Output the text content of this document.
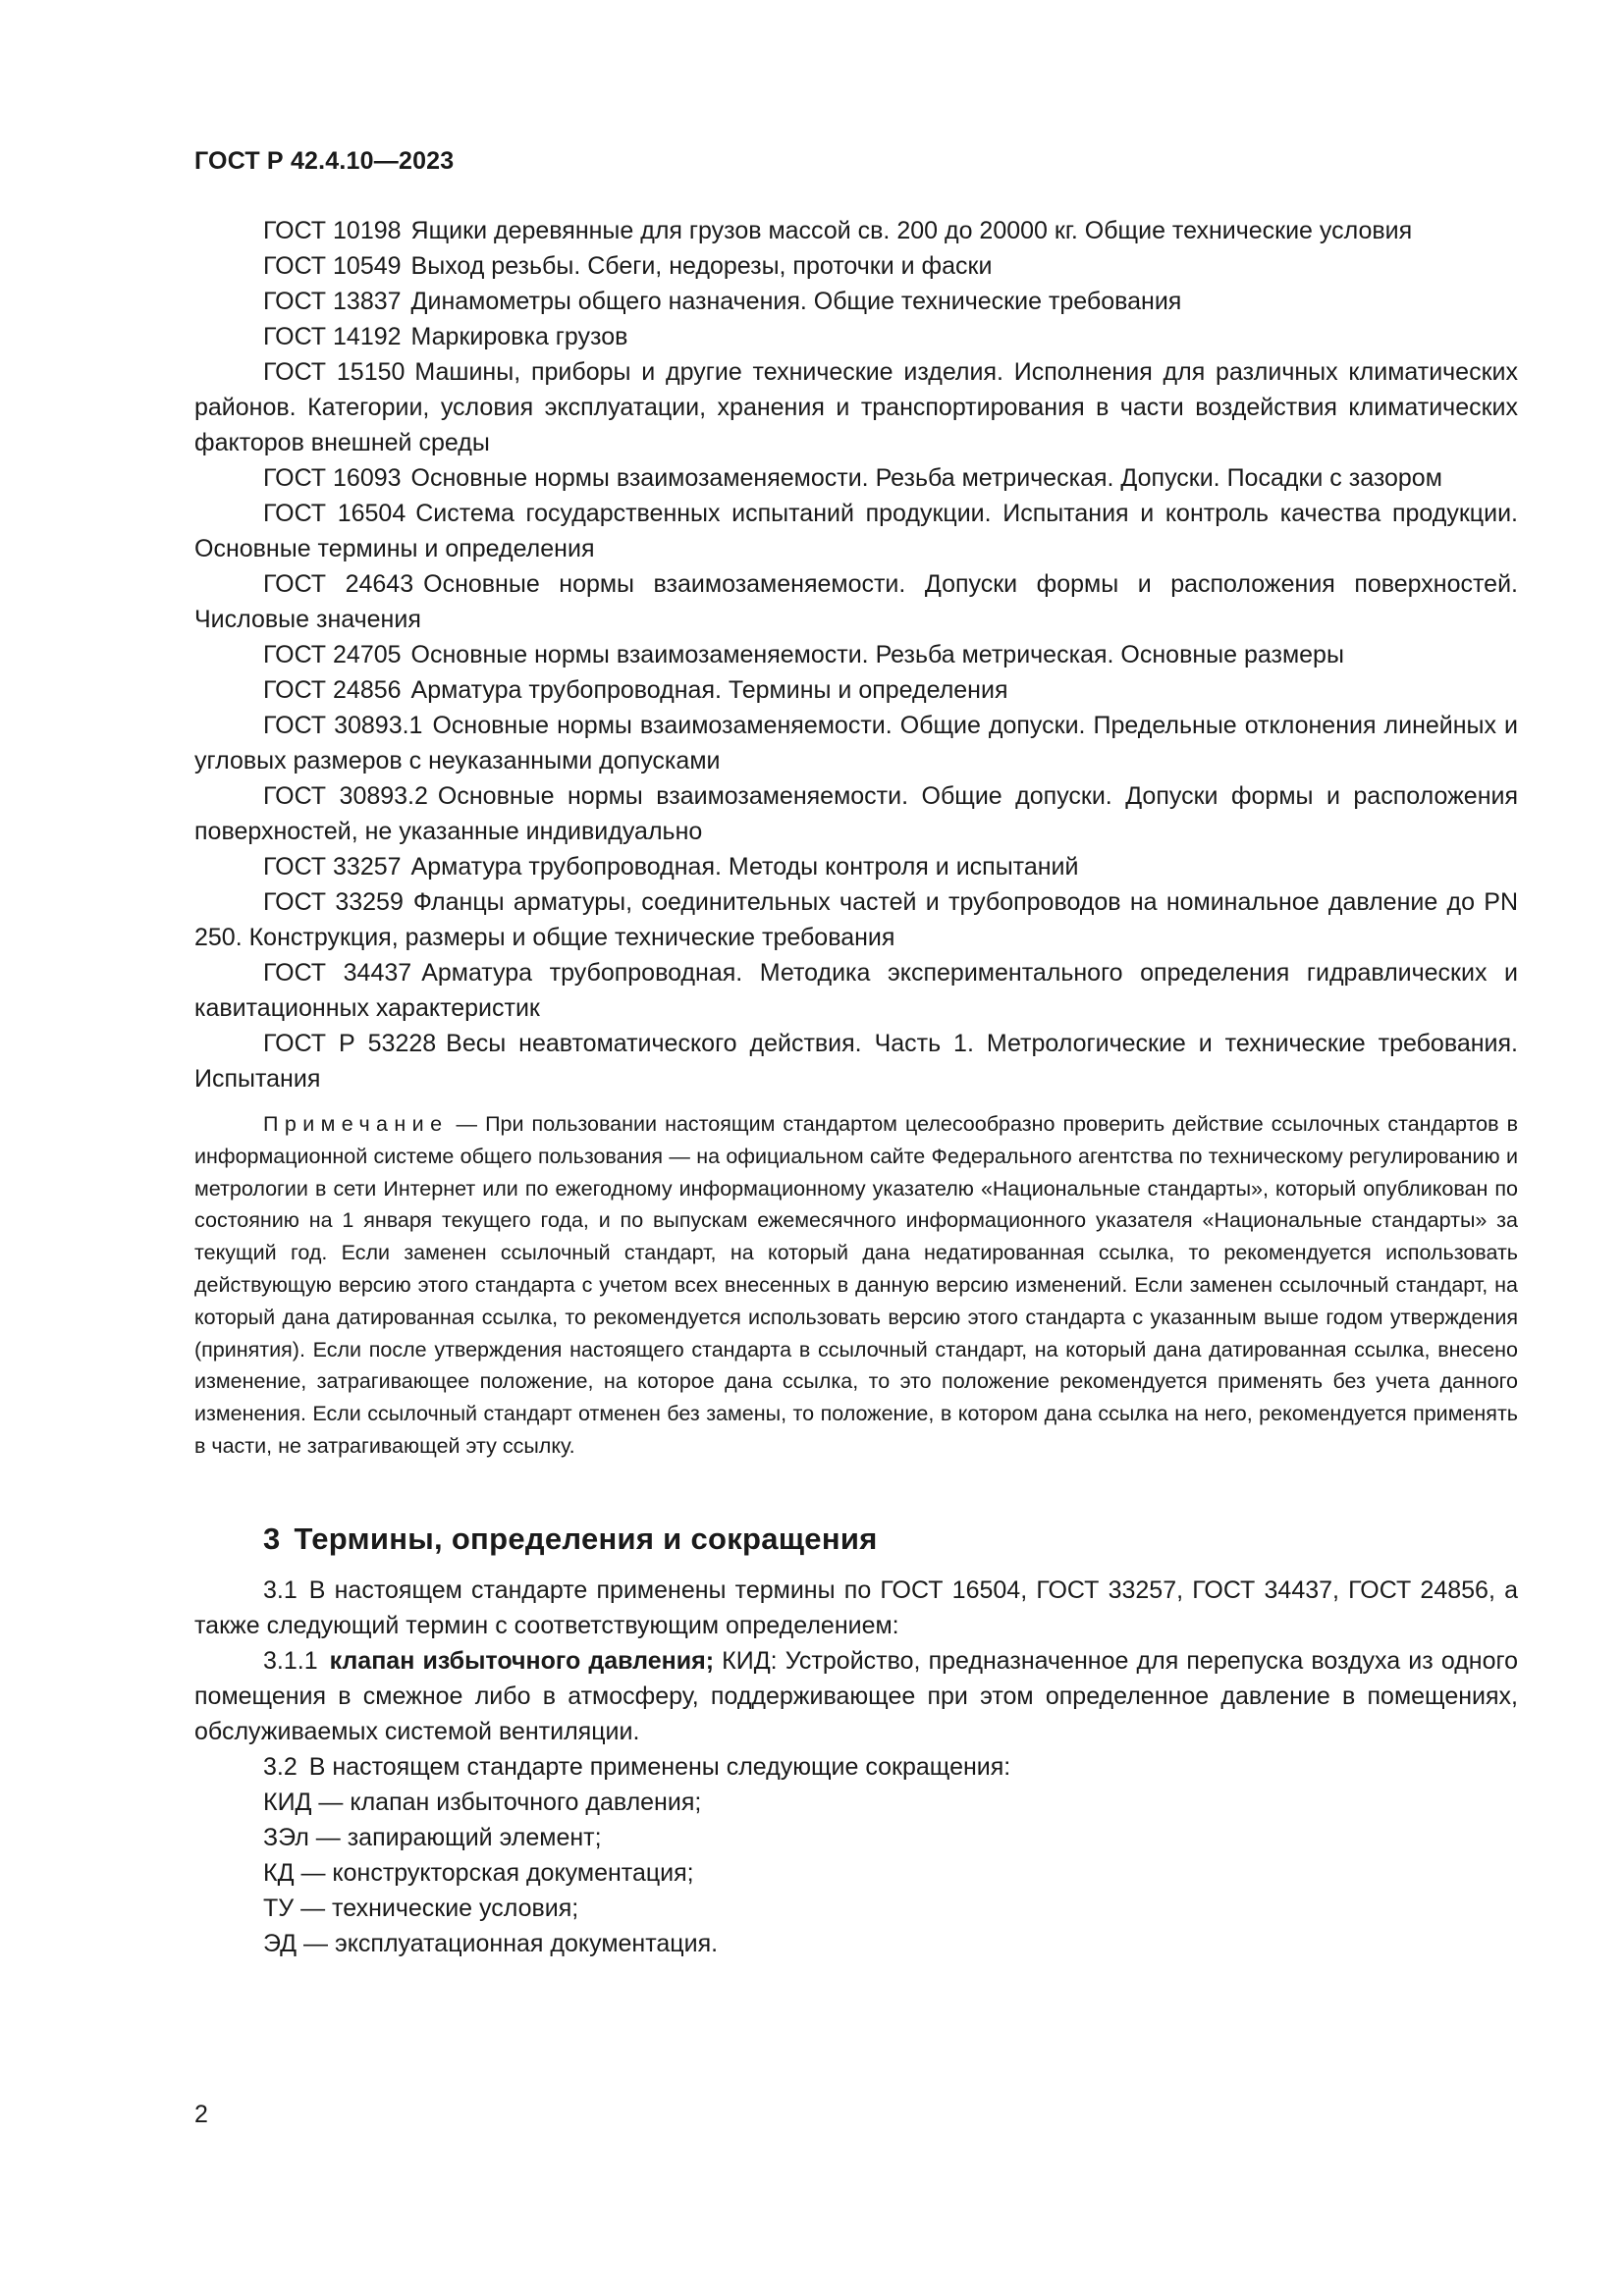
ГОСТ Р 42.4.10—2023

ГОСТ 10198 Ящики деревянные для грузов массой св. 200 до 20000 кг. Общие технические условия

ГОСТ 10549 Выход резьбы. Сбеги, недорезы, проточки и фаски

ГОСТ 13837 Динамометры общего назначения. Общие технические требования

ГОСТ 14192 Маркировка грузов

ГОСТ 15150 Машины, приборы и другие технические изделия. Исполнения для различных климатических районов. Категории, условия эксплуатации, хранения и транспортирования в части воздействия климатических факторов внешней среды

ГОСТ 16093 Основные нормы взаимозаменяемости. Резьба метрическая. Допуски. Посадки с зазором

ГОСТ 16504 Система государственных испытаний продукции. Испытания и контроль качества продукции. Основные термины и определения

ГОСТ 24643 Основные нормы взаимозаменяемости. Допуски формы и расположения поверхностей. Числовые значения

ГОСТ 24705 Основные нормы взаимозаменяемости. Резьба метрическая. Основные размеры

ГОСТ 24856 Арматура трубопроводная. Термины и определения

ГОСТ 30893.1 Основные нормы взаимозаменяемости. Общие допуски. Предельные отклонения линейных и угловых размеров с неуказанными допусками

ГОСТ 30893.2 Основные нормы взаимозаменяемости. Общие допуски. Допуски формы и расположения поверхностей, не указанные индивидуально

ГОСТ 33257 Арматура трубопроводная. Методы контроля и испытаний

ГОСТ 33259 Фланцы арматуры, соединительных частей и трубопроводов на номинальное давление до PN 250. Конструкция, размеры и общие технические требования

ГОСТ 34437 Арматура трубопроводная. Методика экспериментального определения гидравлических и кавитационных характеристик

ГОСТ Р 53228 Весы неавтоматического действия. Часть 1. Метрологические и технические требования. Испытания

Примечание — При пользовании настоящим стандартом целесообразно проверить действие ссылочных стандартов в информационной системе общего пользования — на официальном сайте Федерального агентства по техническому регулированию и метрологии в сети Интернет или по ежегодному информационному указателю «Национальные стандарты», который опубликован по состоянию на 1 января текущего года, и по выпускам ежемесячного информационного указателя «Национальные стандарты» за текущий год. Если заменен ссылочный стандарт, на который дана недатированная ссылка, то рекомендуется использовать действующую версию этого стандарта с учетом всех внесенных в данную версию изменений. Если заменен ссылочный стандарт, на который дана датированная ссылка, то рекомендуется использовать версию этого стандарта с указанным выше годом утверждения (принятия). Если после утверждения настоящего стандарта в ссылочный стандарт, на который дана датированная ссылка, внесено изменение, затрагивающее положение, на которое дана ссылка, то это положение рекомендуется применять без учета данного изменения. Если ссылочный стандарт отменен без замены, то положение, в котором дана ссылка на него, рекомендуется применять в части, не затрагивающей эту ссылку.

3 Термины, определения и сокращения

3.1 В настоящем стандарте применены термины по ГОСТ 16504, ГОСТ 33257, ГОСТ 34437, ГОСТ 24856, а также следующий термин с соответствующим определением:

3.1.1 клапан избыточного давления; КИД: Устройство, предназначенное для перепуска воздуха из одного помещения в смежное либо в атмосферу, поддерживающее при этом определенное давление в помещениях, обслуживаемых системой вентиляции.

3.2 В настоящем стандарте применены следующие сокращения:

КИД — клапан избыточного давления;

ЗЭл — запирающий элемент;

КД — конструкторская документация;

ТУ — технические условия;

ЭД — эксплуатационная документация.

2
